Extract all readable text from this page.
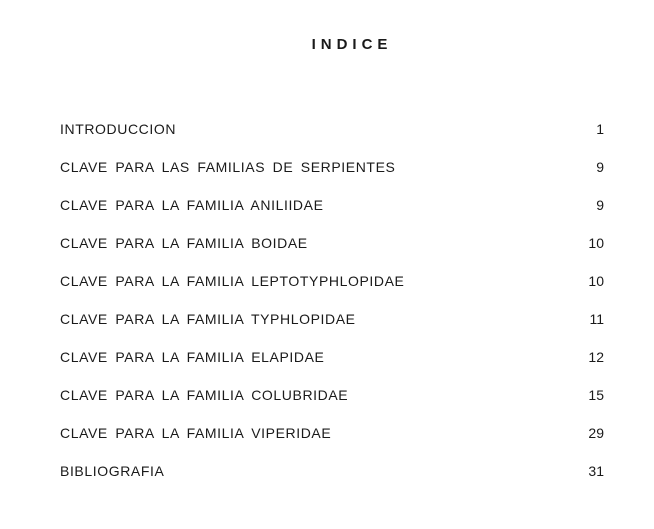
INDICE
INTRODUCCION	1
CLAVE PARA LAS FAMILIAS DE SERPIENTES	9
CLAVE PARA LA FAMILIA ANILIIDAE	9
CLAVE PARA LA FAMILIA BOIDAE	10
CLAVE PARA LA FAMILIA LEPTOTYPHLOPIDAE	10
CLAVE PARA LA FAMILIA TYPHLOPIDAE	11
CLAVE PARA LA FAMILIA ELAPIDAE	12
CLAVE PARA LA FAMILIA COLUBRIDAE	15
CLAVE PARA LA FAMILIA VIPERIDAE	29
BIBLIOGRAFIA	31
